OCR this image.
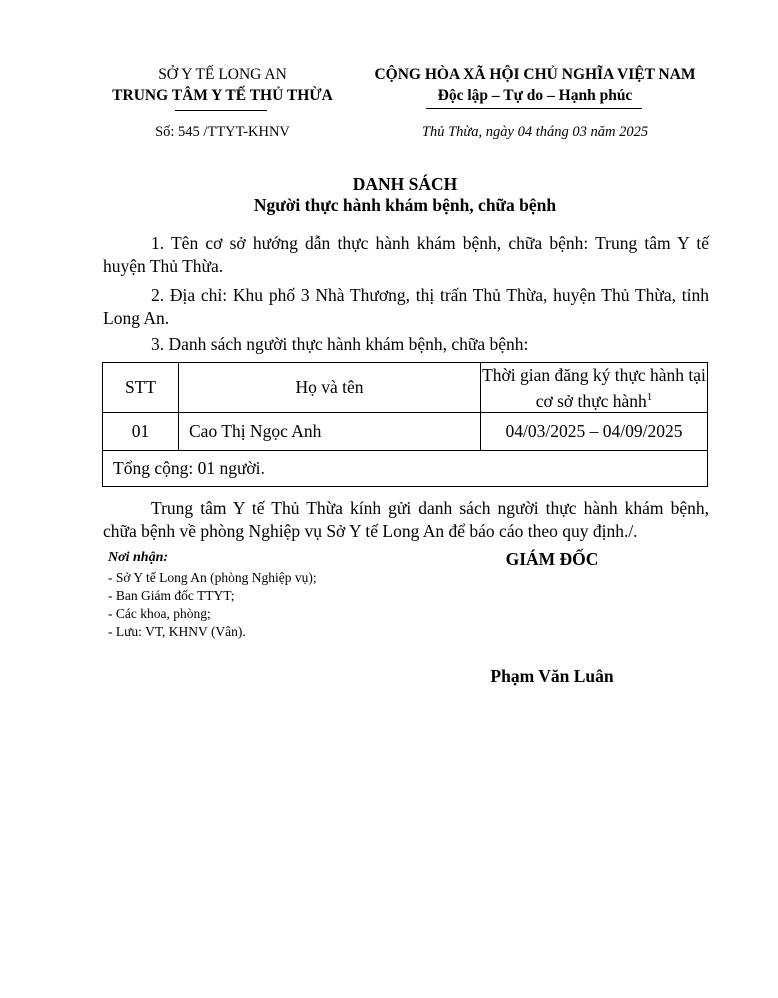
SỞ Y TẾ LONG AN
TRUNG TÂM Y TẾ THỦ THỪA
Số: 545 /TTYT-KHNV
CỘNG HÒA XÃ HỘI CHỦ NGHĨA VIỆT NAM
Độc lập – Tự do – Hạnh phúc
Thủ Thừa, ngày 04 tháng 03 năm 2025
DANH SÁCH
Người thực hành khám bệnh, chữa bệnh
1. Tên cơ sở hướng dẫn thực hành khám bệnh, chữa bệnh: Trung tâm Y tế huyện Thủ Thừa.
2. Địa chỉ: Khu phố 3 Nhà Thương, thị trấn Thủ Thừa, huyện Thủ Thừa, tỉnh Long An.
3. Danh sách người thực hành khám bệnh, chữa bệnh:
STT	Họ và tên	Thời gian đăng ký thực hành tại cơ sở thực hành$^1$
01	Cao Thị Ngọc Anh	04/03/2025 – 04/09/2025
Tổng cộng: 01 người.		
Trung tâm Y tế Thủ Thừa kính gửi danh sách người thực hành khám bệnh, chữa bệnh về phòng Nghiệp vụ Sở Y tế Long An để báo cáo theo quy định./.
Nơi nhận:
- Sở Y tế Long An (phòng Nghiệp vụ);
- Ban Giám đốc TTYT;
- Các khoa, phòng;
- Lưu: VT, KHNV (Vân).
GIÁM ĐỐC
Phạm Văn Luân
